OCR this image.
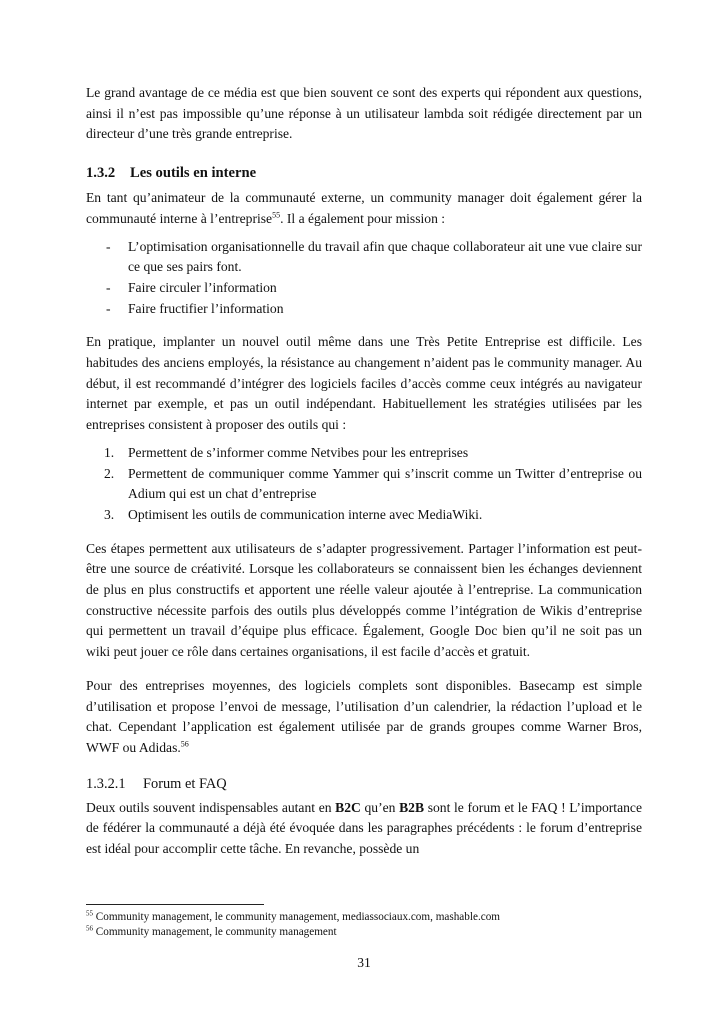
Le grand avantage de ce média est que bien souvent ce sont des experts qui répondent aux questions, ainsi il n’est pas impossible qu’une réponse à un utilisateur lambda soit rédigée directement par un directeur d’une très grande entreprise.

1.3.2 Les outils en interne

En tant qu’animateur de la communauté externe, un community manager doit également gérer la communauté interne à l’entreprise$^{55}$. Il a également pour mission :

- L’optimisation organisationnelle du travail afin que chaque collaborateur ait une vue claire sur ce que ses pairs font.
- Faire circuler l’information
- Faire fructifier l’information

En pratique, implanter un nouvel outil même dans une Très Petite Entreprise est difficile. Les habitudes des anciens employés, la résistance au changement n’aident pas le community manager. Au début, il est recommandé d’intégrer des logiciels faciles d’accès comme ceux intégrés au navigateur internet par exemple, et pas un outil indépendant. Habituellement les stratégies utilisées par les entreprises consistent à proposer des outils qui :

1. Permettent de s’informer comme Netvibes pour les entreprises
2. Permettent de communiquer comme Yammer qui s’inscrit comme un Twitter d’entreprise ou Adium qui est un chat d’entreprise
3. Optimisent les outils de communication interne avec MediaWiki.

Ces étapes permettent aux utilisateurs de s’adapter progressivement. Partager l’information est peut-être une source de créativité. Lorsque les collaborateurs se connaissent bien les échanges deviennent de plus en plus constructifs et apportent une réelle valeur ajoutée à l’entreprise. La communication constructive nécessite parfois des outils plus développés comme l’intégration de Wikis d’entreprise qui permettent un travail d’équipe plus efficace. Également, Google Doc bien qu’il ne soit pas un wiki peut jouer ce rôle dans certaines organisations, il est facile d’accès et gratuit.

Pour des entreprises moyennes, des logiciels complets sont disponibles. Basecamp est simple d’utilisation et propose l’envoi de message, l’utilisation d’un calendrier, la rédaction l’upload et le chat. Cependant l’application est également utilisée par de grands groupes comme Warner Bros, WWF ou Adidas.$^{56}$

1.3.2.1 Forum et FAQ

Deux outils souvent indispensables autant en B2C qu’en B2B sont le forum et le FAQ ! L’importance de fédérer la communauté a déjà été évoquée dans les paragraphes précédents : le forum d’entreprise est idéal pour accomplir cette tâche. En revanche, possède un

$^{55}$ Community management, le community management, mediassociaux.com, mashable.com

$^{56}$ Community management, le community management

31
